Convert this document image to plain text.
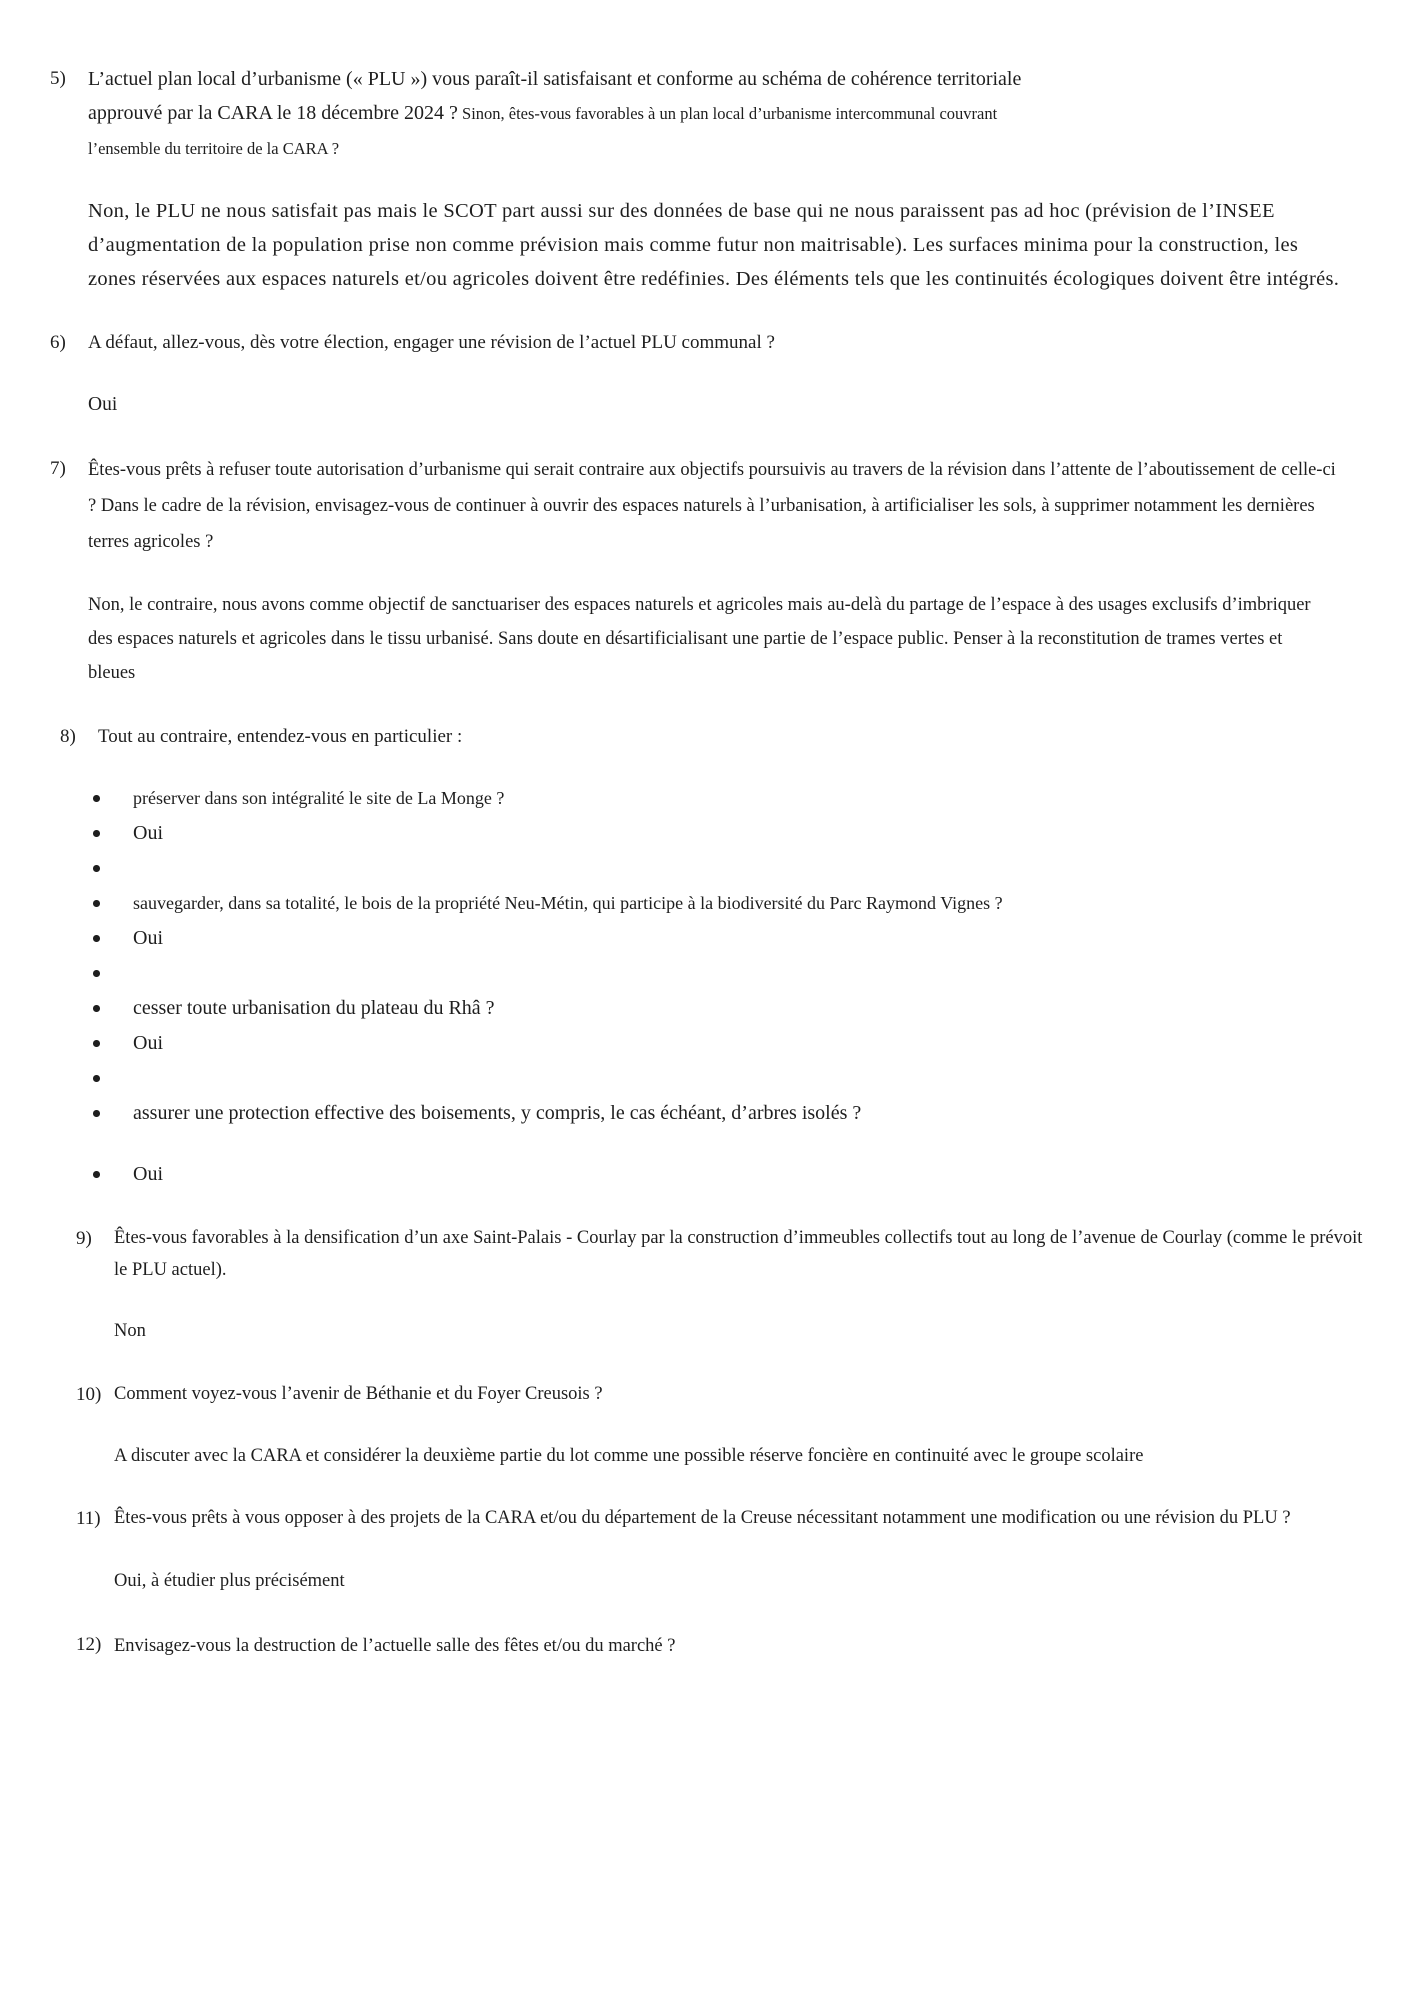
5)	L’actuel plan local d’urbanisme (« PLU ») vous paraît-il satisfaisant et conforme au schéma de cohérence territoriale approuvé par la CARA le 18 décembre 2024 ? Sinon, êtes-vous favorables à un plan local d’urbanisme intercommunal couvrant l’ensemble du territoire de la CARA ?

Non, le PLU ne nous satisfait pas mais le SCOT part aussi sur des données de base qui ne nous paraissent pas ad hoc (prévision de l’INSEE d’augmentation de la population prise non comme prévision mais comme futur non maitrisable). Les surfaces minima pour la construction, les zones réservées aux espaces naturels et/ou agricoles doivent être redéfinies. Des éléments tels que les continuités écologiques doivent être intégrés.

6)	A défaut, allez-vous, dès votre élection, engager une révision de l’actuel PLU communal ?

Oui

7)	Êtes-vous prêts à refuser toute autorisation d’urbanisme qui serait contraire aux objectifs poursuivis au travers de la révision dans l’attente de l’aboutissement de celle-ci ? Dans le cadre de la révision, envisagez-vous de continuer à ouvrir des espaces naturels à l’urbanisation, à artificialiser les sols, à supprimer notamment les dernières terres agricoles ?

Non, le contraire, nous avons comme objectif de sanctuariser des espaces naturels et agricoles mais au-delà du partage de l’espace à des usages exclusifs d’imbriquer des espaces naturels et agricoles dans le tissu urbanisé. Sans doute en désartificialisant une partie de l’espace public. Penser à la reconstitution de trames vertes et bleues

8)	Tout au contraire, entendez-vous en particulier :

préserver dans son intégralité le site de La Monge ?
Oui
sauvegarder, dans sa totalité, le bois de la propriété Neu-Métin, qui participe à la biodiversité du Parc Raymond Vignes ?
Oui
cesser toute urbanisation du plateau du Rhâ ?
Oui
assurer une protection effective des boisements, y compris, le cas échéant, d’arbres isolés ?
Oui
9)	Êtes-vous favorables à la densification d’un axe Saint-Palais - Courlay par la construction d’immeubles collectifs tout au long de l’avenue de Courlay (comme le prévoit le PLU actuel).

Non

10) Comment voyez-vous l’avenir de Béthanie et du Foyer Creusois ?

A discuter avec la CARA et considérer la deuxième partie du lot comme une possible réserve foncière en continuité avec le groupe scolaire

11) Êtes-vous prêts à vous opposer à des projets de la CARA et/ou du département de la Creuse nécessitant notamment une modification ou une révision du PLU ?

Oui, à étudier plus précisément

12) Envisagez-vous la destruction de l’actuelle salle des fêtes et/ou du marché ?
